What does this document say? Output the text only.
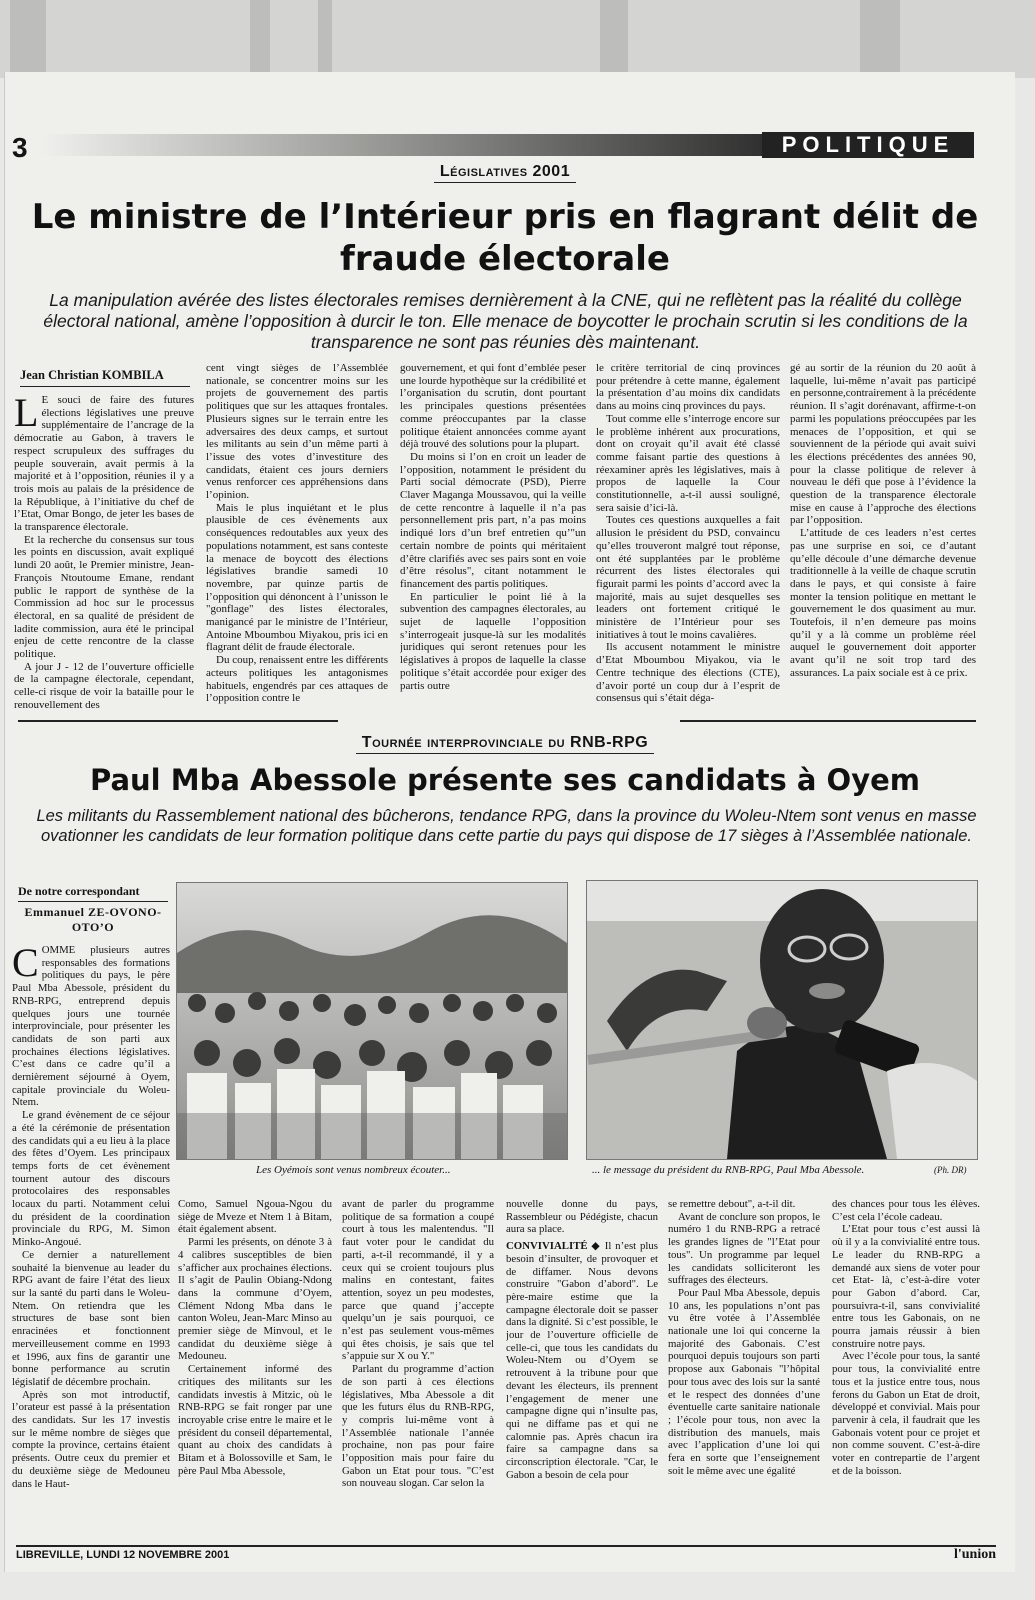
3	POLITIQUE
Législatives 2001
Le ministre de l’Intérieur pris en flagrant délit de fraude électorale
La manipulation avérée des listes électorales remises dernièrement à la CNE, qui ne reflètent pas la réalité du collège électoral national, amène l’opposition à durcir le ton. Elle menace de boycotter le prochain scrutin si les conditions de la transparence ne sont pas réunies dès maintenant.
Jean Christian KOMBILA

L E souci de faire des futures élections législatives une preuve supplémentaire de l’ancrage de la démocratie au Gabon, à travers le respect scrupuleux des suffrages du peuple souverain, avait permis à la majorité et à l’opposition, réunies il y a trois mois au palais de la présidence de la République, à l’initiative du chef de l’Etat, Omar Bongo, de jeter les bases de la transparence électorale.

Et la recherche du consensus sur tous les points en discussion, avait expliqué lundi 20 août, le Premier ministre, Jean-François Ntoutoume Emane, rendant public le rapport de synthèse de la Commission ad hoc sur le processus électoral, en sa qualité de président de ladite commission, aura été le principal enjeu de cette rencontre de la classe politique.

A jour J - 12 de l’ouverture officielle de la campagne électorale, cependant, celle-ci risque de voir la bataille pour le renouvellement des

cent vingt sièges de l’Assemblée nationale, se concentrer moins sur les projets de gouvernement des partis politiques que sur les attaques frontales. Plusieurs signes sur le terrain entre les adversaires des deux camps, et surtout les militants au sein d’un même parti à l’issue des votes d’investiture des candidats, étaient ces jours derniers venus renforcer ces appréhensions dans l’opinion.

Mais le plus inquiétant et le plus plausible de ces évènements aux conséquences redoutables aux yeux des populations notamment, est sans conteste la menace de boycott des élections législatives brandie samedi 10 novembre, par quinze partis de l’opposition qui dénoncent à l’unisson le "gonflage" des listes électorales, manigancé par le ministre de l’Intérieur, Antoine Mboumbou Miyakou, pris ici en flagrant délit de fraude électorale.

Du coup, renaissent entre les différents acteurs politiques les antagonismes habituels, engendrés par ces attaques de l’opposition contre le

gouvernement, et qui font d’emblée peser une lourde hypothèque sur la crédibilité et l’organisation du scrutin, dont pourtant les principales questions présentées comme préoccupantes par la classe politique étaient annoncées comme ayant déjà trouvé des solutions pour la plupart.

Du moins si l’on en croit un leader de l’opposition, notamment le président du Parti social démocrate (PSD), Pierre Claver Maganga Moussavou, qui la veille de cette rencontre à laquelle il n’a pas personnellement pris part, n’a pas moins indiqué lors d’un bref entretien qu’"un certain nombre de points qui méritaient d’être clarifiés avec ses pairs sont en voie d’être résolus", citant notamment le financement des partis politiques.

En particulier le point lié à la subvention des campagnes électorales, au sujet de laquelle l’opposition s’interrogeait jusque-là sur les modalités juridiques qui seront retenues pour les législatives à propos de laquelle la classe politique s’était accordée pour exiger des partis outre

le critère territorial de cinq provinces pour prétendre à cette manne, également la présentation d’au moins dix candidats dans au moins cinq provinces du pays.

Tout comme elle s’interroge encore sur le problème inhérent aux procurations, dont on croyait qu’il avait été classé comme faisant partie des questions à réexaminer après les législatives, mais à propos de laquelle la Cour constitutionnelle, a-t-il aussi souligné, sera saisie d’ici-là.

Toutes ces questions auxquelles a fait allusion le président du PSD, convaincu qu’elles trouveront malgré tout réponse, ont été supplantées par le problème récurrent des listes électorales qui figurait parmi les points d’accord avec la majorité, mais au sujet desquelles ses leaders ont fortement critiqué le ministère de l’Intérieur pour ses initiatives à tout le moins cavalières.

Ils accusent notamment le ministre d’Etat Mboumbou Miyakou, via le Centre technique des élections (CTE), d’avoir porté un coup dur à l’esprit de consensus qui s’était déga-

gé au sortir de la réunion du 20 août à laquelle, lui-même n’avait pas participé en personne,contrairement à la précédente réunion. Il s’agit dorénavant, affirme-t-on parmi les populations préoccupées par les menaces de l’opposition, et qui se souviennent de la période qui avait suivi les élections précédentes des années 90, pour la classe politique de relever à nouveau le défi que pose à l’évidence la question de la transparence électorale mise en cause à l’approche des élections par l’opposition.

L’attitude de ces leaders n’est certes pas une surprise en soi, ce d’autant qu’elle découle d’une démarche devenue traditionnelle à la veille de chaque scrutin dans le pays, et qui consiste à faire monter la tension politique en mettant le gouvernement le dos quasiment au mur. Toutefois, il n’en demeure pas moins qu’il y a là comme un problème réel auquel le gouvernement doit apporter avant qu’il ne soit trop tard des assurances. La paix sociale est à ce prix.

Tournée interprovinciale du RNB-RPG
Paul Mba Abessole présente ses candidats à Oyem
Les militants du Rassemblement national des bûcherons, tendance RPG, dans la province du Woleu-Ntem sont venus en masse ovationner les candidats de leur formation politique dans cette partie du pays qui dispose de 17 sièges à l’Assemblée nationale.
De notre correspondant
Emmanuel ZE-OVONO-OTO’O

COMME plusieurs autres responsables des formations politiques du pays, le père Paul Mba Abessole, président du RNB-RPG, entreprend depuis quelques jours une tournée interprovinciale, pour présenter les candidats de son parti aux prochaines élections législatives. C’est dans ce cadre qu’il a dernièrement séjourné à Oyem, capitale provinciale du Woleu-Ntem.

Le grand évènement de ce séjour a été la cérémonie de présentation des candidats qui a eu lieu à la place des fêtes d’Oyem. Les principaux temps forts de cet évènement tournent autour des discours protocolaires des responsables locaux du parti. Notamment celui du président de la coordination provinciale du RPG, M. Simon Minko-Angoué.

Ce dernier a naturellement souhaité la bienvenue au leader du RPG avant de faire l’état des lieux sur la santé du parti dans le Woleu-Ntem. On retiendra que les structures de base sont bien enracinées et fonctionnent merveilleusement comme en 1993 et 1996, aux fins de garantir une bonne performance au scrutin législatif de décembre prochain.

Après son mot introductif, l’orateur est passé à la présentation des candidats. Sur les 17 investis sur le même nombre de sièges que compte la province, certains étaient présents. Outre ceux du premier et du deuxième siège de Medouneu dans le Haut-

Les Oyémois sont venus nombreux écouter...	... le message du président du RNB-RPG, Paul Mba Abessole.	(Ph. DR)

Como, Samuel Ngoua-Ngou du siège de Mveze et Ntem 1 à Bitam, était également absent.

Parmi les présents, on dénote 3 à 4 calibres susceptibles de bien s’afficher aux prochaines élections. Il s’agit de Paulin Obiang-Ndong dans la commune d’Oyem, Clément Ndong Mba dans le canton Woleu, Jean-Marc Minso au premier siège de Minvoul, et le candidat du deuxième siège à Medouneu.

Certainement informé des critiques des militants sur les candidats investis à Mitzic, où le RNB-RPG se fait ronger par une incroyable crise entre le maire et le président du conseil départemental, quant au choix des candidats à Bitam et à Bolossoville et Sam, le père Paul Mba Abessole,

avant de parler du programme politique de sa formation a coupé court à tous les malentendus. "Il faut voter pour le candidat du parti, a-t-il recommandé, il y a ceux qui se croient toujours plus malins en contestant, faites attention, soyez un peu modestes, parce que quand j’accepte quelqu’un je sais pourquoi, ce n’est pas seulement vous-mêmes qui êtes choisis, je sais que tel s’appuie sur X ou Y."

Parlant du programme d’action de son parti à ces élections législatives, Mba Abessole a dit que les futurs élus du RNB-RPG, y compris lui-même vont à l’Assemblée nationale l’année prochaine, non pas pour faire l’opposition mais pour faire du Gabon un Etat pour tous. "C’est son nouveau slogan. Car selon la

nouvelle donne du pays, Rassembleur ou Pédégiste, chacun aura sa place.

CONVIVIALITÉ ◆ Il n’est plus besoin d’insulter, de provoquer et de diffamer. Nous devons construire "Gabon d’abord". Le père-maire estime que la campagne électorale doit se passer dans la dignité. Si c’est possible, le jour de l’ouverture officielle de celle-ci, que tous les candidats du Woleu-Ntem ou d’Oyem se retrouvent à la tribune pour que devant les électeurs, ils prennent l’engagement de mener une campagne digne qui n’insulte pas, qui ne diffame pas et qui ne calomnie pas. Après chacun ira faire sa campagne dans sa circonscription électorale. "Car, le Gabon a besoin de cela pour

se remettre debout", a-t-il dit.

Avant de conclure son propos, le numéro 1 du RNB-RPG a retracé les grandes lignes de "l’Etat pour tous". Un programme par lequel les candidats solliciteront les suffrages des électeurs.

Pour Paul Mba Abessole, depuis 10 ans, les populations n’ont pas vu être votée à l’Assemblée nationale une loi qui concerne la majorité des Gabonais. C’est pourquoi depuis toujours son parti propose aux Gabonais "l’hôpital pour tous avec des lois sur la santé et le respect des données d’une éventuelle carte sanitaire nationale ; l’école pour tous, non avec la distribution des manuels, mais avec l’application d’une loi qui fera en sorte que l’enseignement soit le même avec une égalité

des chances pour tous les élèves. C’est cela l’école cadeau.

L’Etat pour tous c’est aussi là où il y a la convivialité entre tous. Le leader du RNB-RPG a demandé aux siens de voter pour cet Etat- là, c’est-à-dire voter pour Gabon d’abord. Car, poursuivra-t-il, sans convivialité entre tous les Gabonais, on ne pourra jamais réussir à bien construire notre pays.

Avec l’école pour tous, la santé pour tous, la convivialité entre tous et la justice entre tous, nous ferons du Gabon un Etat de droit, développé et convivial. Mais pour parvenir à cela, il faudrait que les Gabonais votent pour ce projet et non comme souvent. C’est-à-dire voter en contrepartie de l’argent et de la boisson.

LIBREVILLE, LUNDI 12 NOVEMBRE 2001	l'union
